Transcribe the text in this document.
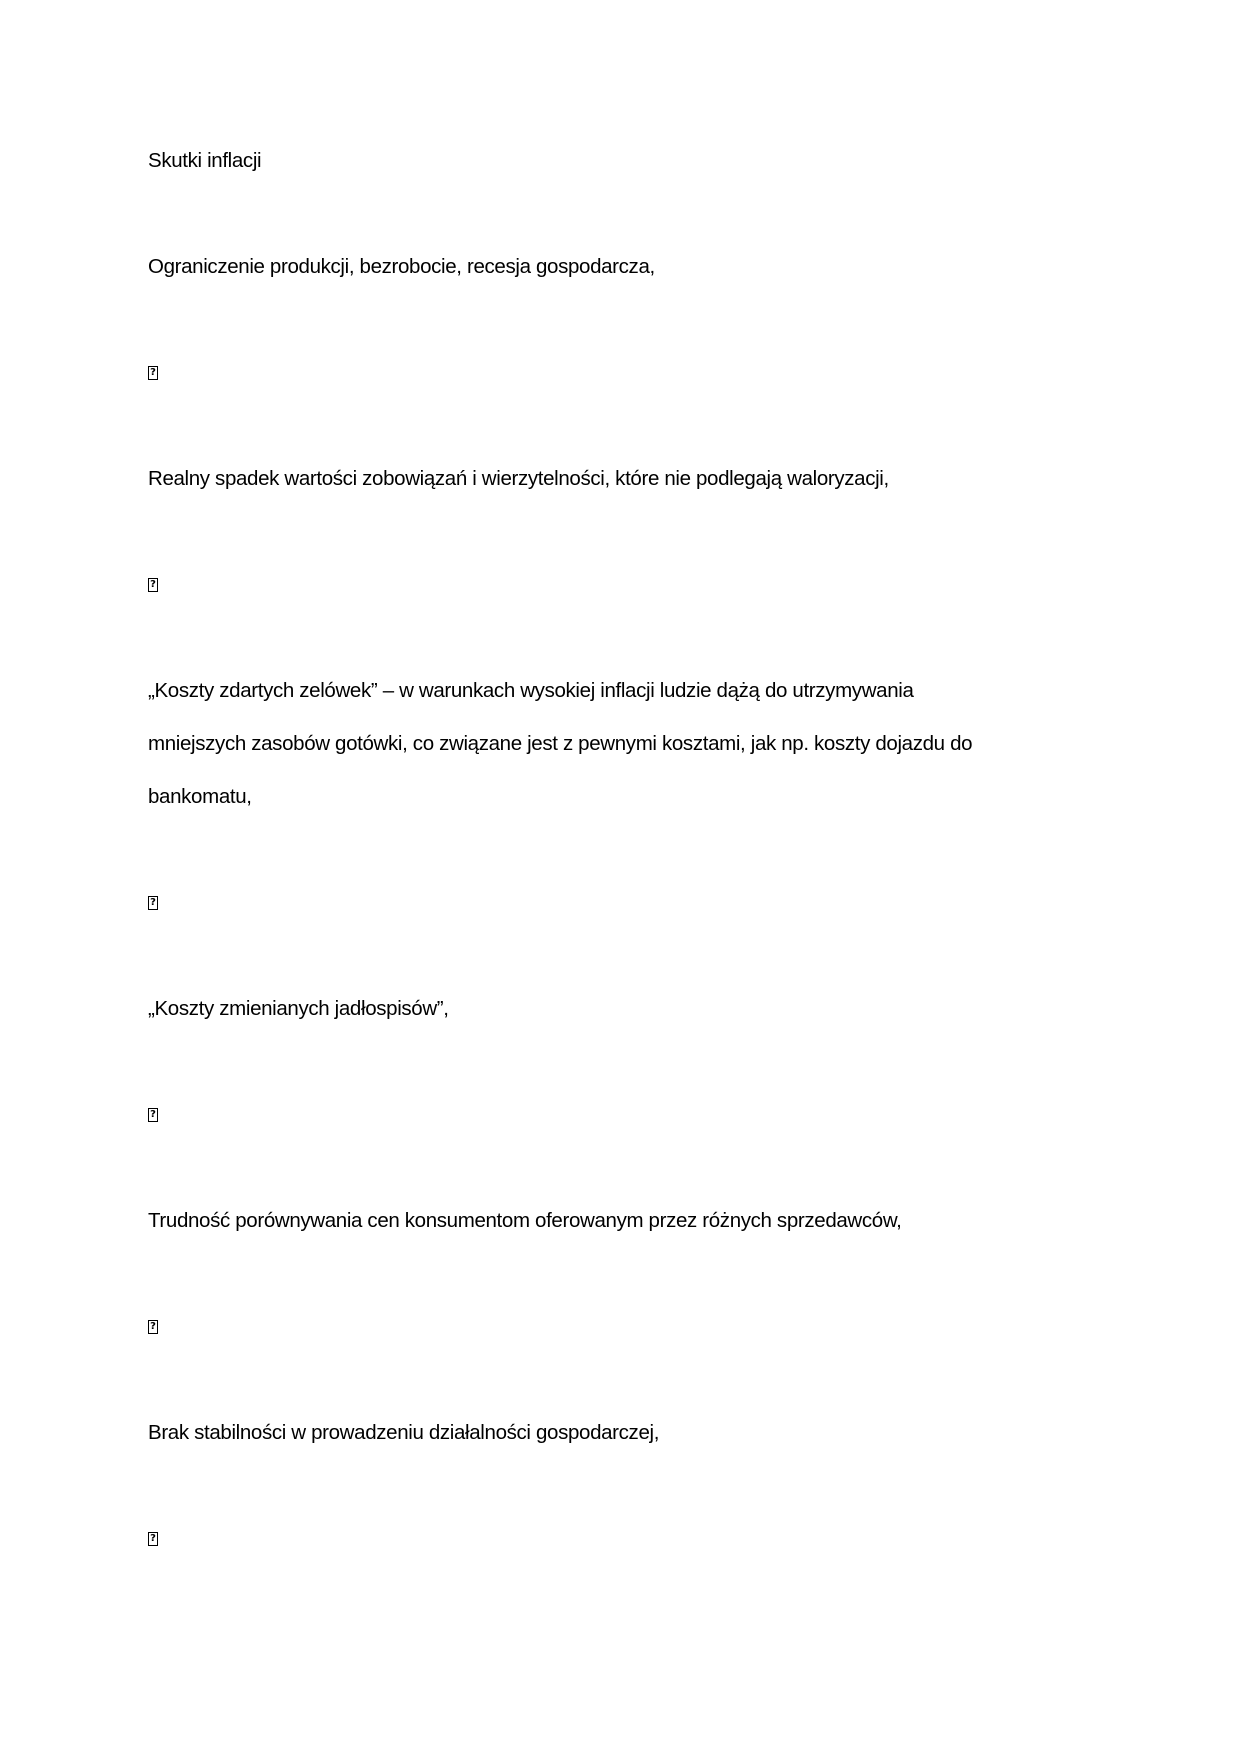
Skutki inflacji
Ograniczenie produkcji, bezrobocie, recesja gospodarcza,
?
Realny spadek wartości zobowiązań i wierzytelności, które nie podlegają waloryzacji,
?
„Koszty zdartych zelówek” – w warunkach wysokiej inflacji ludzie dążą do utrzymywania
mniejszych zasobów gotówki, co związane jest z pewnymi kosztami, jak np. koszty dojazdu do
bankomatu,
?
„Koszty zmienianych jadłospisów”,
?
Trudność porównywania cen konsumentom oferowanym przez różnych sprzedawców,
?
Brak stabilności w prowadzeniu działalności gospodarczej,
?
